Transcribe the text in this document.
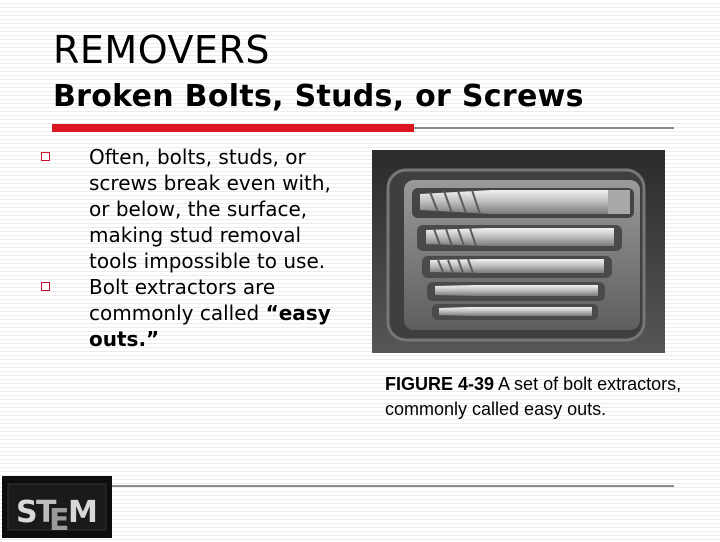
REMOVERS
Broken Bolts, Studs, or Screws
Often, bolts, studs, or screws break even with, or below, the surface, making stud removal tools impossible to use.
Bolt extractors are commonly called “easy outs.”
FIGURE 4-39 A set of bolt extractors, commonly called easy outs.
S
T
E
M
